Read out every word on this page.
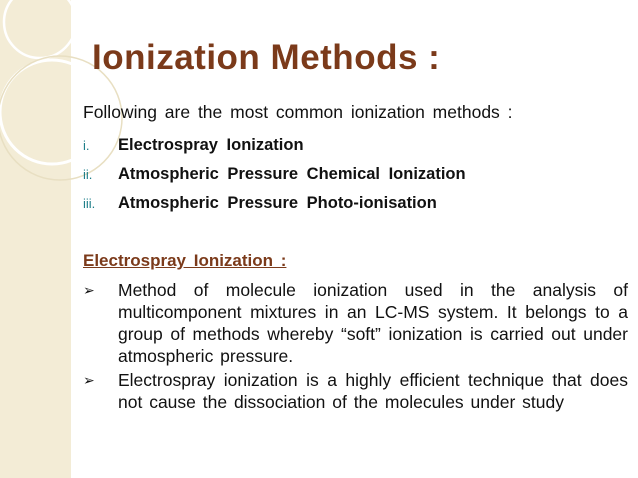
Ionization Methods :
Following are the most common ionization methods :
i.	Electrospray Ionization
ii.	Atmospheric Pressure Chemical Ionization
iii.	Atmospheric Pressure Photo-ionisation
Electrospray Ionization :
➢	Method of molecule ionization used in the analysis of multicomponent mixtures in an LC-MS system. It belongs to a group of methods whereby “soft” ionization is carried out under atmospheric pressure.
➢	Electrospray ionization is a highly efficient technique that does not cause the dissociation of the molecules under study
